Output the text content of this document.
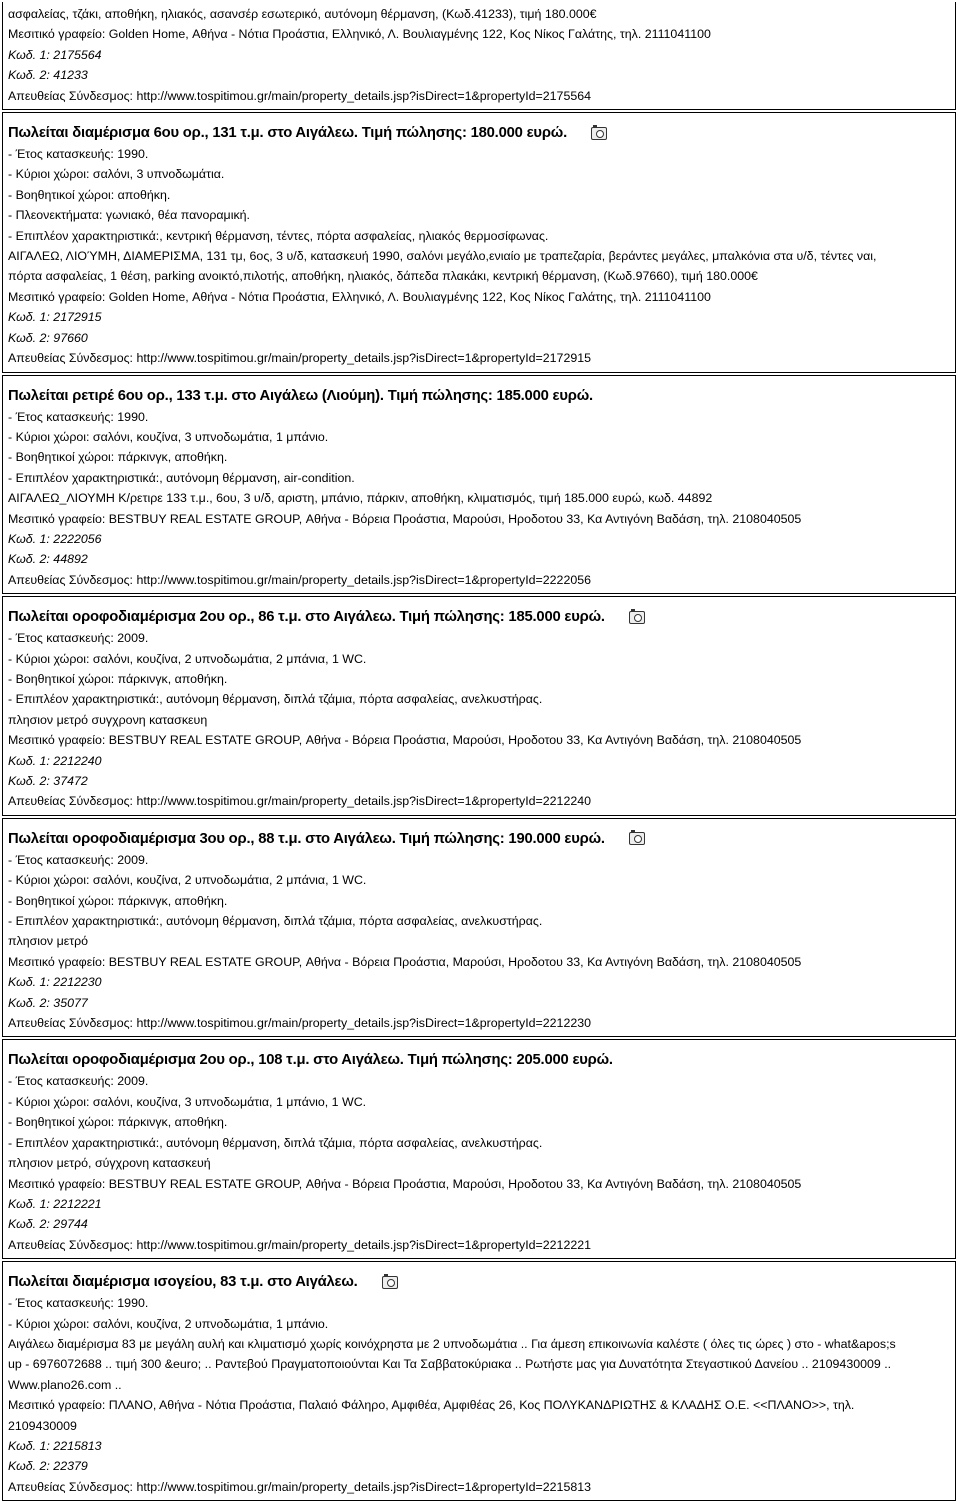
ασφαλείας, τζάκι, αποθήκη, ηλιακός, ασανσέρ εσωτερικό, αυτόνομη θέρμανση, (Κωδ.41233), τιμή 180.000€
Μεσιτικό γραφείο: Golden Home, Αθήνα - Νότια Προάστια, Ελληνικό, Λ. Βουλιαγμένης 122, Κος Νίκος Γαλάτης, τηλ. 2111041100
Κωδ. 1: 2175564
Κωδ. 2: 41233
Απευθείας Σύνδεσμος: http://www.tospitimou.gr/main/property_details.jsp?isDirect=1&propertyId=2175564
Πωλείται διαμέρισμα 6ου ορ., 131 τ.μ. στο Αιγάλεω. Τιμή πώλησης: 180.000 ευρώ.
- Έτος κατασκευής: 1990.
- Κύριοι χώροι: σαλόνι, 3 υπνοδωμάτια.
- Βοηθητικοί χώροι: αποθήκη.
- Πλεονεκτήματα: γωνιακό, θέα πανοραμική.
- Επιπλέον χαρακτηριστικά:, κεντρική θέρμανση, τέντες, πόρτα ασφαλείας, ηλιακός θερμοσίφωνας.
ΑΙΓΑΛΕΩ, ΛΙΟΎΜΗ, ΔΙΑΜΕΡΙΣΜΑ, 131 τμ, 6ος, 3 υ/δ, κατασκευή 1990, σαλόνι μεγάλο,ενιαίο με τραπεζαρία, βεράντες μεγάλες, μπαλκόνια στα υ/δ, τέντες ναι,
πόρτα ασφαλείας, 1 θέση, parking ανοικτό,πιλοτής, αποθήκη, ηλιακός, δάπεδα πλακάκι, κεντρική θέρμανση, (Κωδ.97660), τιμή 180.000€
Μεσιτικό γραφείο: Golden Home, Αθήνα - Νότια Προάστια, Ελληνικό, Λ. Βουλιαγμένης 122, Κος Νίκος Γαλάτης, τηλ. 2111041100
Κωδ. 1: 2172915
Κωδ. 2: 97660
Απευθείας Σύνδεσμος: http://www.tospitimou.gr/main/property_details.jsp?isDirect=1&propertyId=2172915
Πωλείται ρετιρέ 6ου ορ., 133 τ.μ. στο Αιγάλεω (Λιούμη). Τιμή πώλησης: 185.000 ευρώ.
- Έτος κατασκευής: 1990.
- Κύριοι χώροι: σαλόνι, κουζίνα, 3 υπνοδωμάτια, 1 μπάνιο.
- Βοηθητικοί χώροι: πάρκινγκ, αποθήκη.
- Επιπλέον χαρακτηριστικά:, αυτόνομη θέρμανση, air-condition.
ΑΙΓΑΛΕΩ_ΛΙΟΥΜΗ Κ/ρετιρε 133 τ.μ., 6ου, 3 υ/δ, αριστη, μπάνιο, πάρκιν, αποθήκη, κλιματισμός, τιμή 185.000 ευρώ, κωδ. 44892
Μεσιτικό γραφείο: BESTBUY REAL ESTATE GROUP, Αθήνα - Βόρεια Προάστια, Μαρούσι, Ηροδοτου 33, Κα Αντιγόνη Βαδάση, τηλ. 2108040505
Κωδ. 1: 2222056
Κωδ. 2: 44892
Απευθείας Σύνδεσμος: http://www.tospitimou.gr/main/property_details.jsp?isDirect=1&propertyId=2222056
Πωλείται οροφοδιαμέρισμα 2ου ορ., 86 τ.μ. στο Αιγάλεω. Τιμή πώλησης: 185.000 ευρώ.
- Έτος κατασκευής: 2009.
- Κύριοι χώροι: σαλόνι, κουζίνα, 2 υπνοδωμάτια, 2 μπάνια, 1 WC.
- Βοηθητικοί χώροι: πάρκινγκ, αποθήκη.
- Επιπλέον χαρακτηριστικά:, αυτόνομη θέρμανση, διπλά τζάμια, πόρτα ασφαλείας, ανελκυστήρας.
πλησιον μετρό συγχρονη κατασκευη
Μεσιτικό γραφείο: BESTBUY REAL ESTATE GROUP, Αθήνα - Βόρεια Προάστια, Μαρούσι, Ηροδοτου 33, Κα Αντιγόνη Βαδάση, τηλ. 2108040505
Κωδ. 1: 2212240
Κωδ. 2: 37472
Απευθείας Σύνδεσμος: http://www.tospitimou.gr/main/property_details.jsp?isDirect=1&propertyId=2212240
Πωλείται οροφοδιαμέρισμα 3ου ορ., 88 τ.μ. στο Αιγάλεω. Τιμή πώλησης: 190.000 ευρώ.
- Έτος κατασκευής: 2009.
- Κύριοι χώροι: σαλόνι, κουζίνα, 2 υπνοδωμάτια, 2 μπάνια, 1 WC.
- Βοηθητικοί χώροι: πάρκινγκ, αποθήκη.
- Επιπλέον χαρακτηριστικά:, αυτόνομη θέρμανση, διπλά τζάμια, πόρτα ασφαλείας, ανελκυστήρας.
πλησιον μετρό
Μεσιτικό γραφείο: BESTBUY REAL ESTATE GROUP, Αθήνα - Βόρεια Προάστια, Μαρούσι, Ηροδοτου 33, Κα Αντιγόνη Βαδάση, τηλ. 2108040505
Κωδ. 1: 2212230
Κωδ. 2: 35077
Απευθείας Σύνδεσμος: http://www.tospitimou.gr/main/property_details.jsp?isDirect=1&propertyId=2212230
Πωλείται οροφοδιαμέρισμα 2ου ορ., 108 τ.μ. στο Αιγάλεω. Τιμή πώλησης: 205.000 ευρώ.
- Έτος κατασκευής: 2009.
- Κύριοι χώροι: σαλόνι, κουζίνα, 3 υπνοδωμάτια, 1 μπάνιο, 1 WC.
- Βοηθητικοί χώροι: πάρκινγκ, αποθήκη.
- Επιπλέον χαρακτηριστικά:, αυτόνομη θέρμανση, διπλά τζάμια, πόρτα ασφαλείας, ανελκυστήρας.
πλησιον μετρό, σύγχρονη κατασκευή
Μεσιτικό γραφείο: BESTBUY REAL ESTATE GROUP, Αθήνα - Βόρεια Προάστια, Μαρούσι, Ηροδοτου 33, Κα Αντιγόνη Βαδάση, τηλ. 2108040505
Κωδ. 1: 2212221
Κωδ. 2: 29744
Απευθείας Σύνδεσμος: http://www.tospitimou.gr/main/property_details.jsp?isDirect=1&propertyId=2212221
Πωλείται διαμέρισμα ισογείου, 83 τ.μ. στο Αιγάλεω.
- Έτος κατασκευής: 1990.
- Κύριοι χώροι: σαλόνι, κουζίνα, 2 υπνοδωμάτια, 1 μπάνιο.
Αιγάλεω διαμέρισμα 83 με μεγάλη αυλή και κλιματισμό χωρίς κοινόχρηστα με 2 υπνοδωμάτια .. Για άμεση επικοινωνία καλέστε ( όλες τις ώρες ) στο - what&apos;s
up - 6976072688 .. τιμή 300 &euro; .. Ραντεβού Πραγματοποιούνται Και Τα Σαββατοκύριακα .. Ρωτήστε μας για Δυνατότητα Στεγαστικού Δανείου .. 2109430009 ..
Www.plano26.com ..
Μεσιτικό γραφείο: ΠΛΑΝΟ, Αθήνα - Νότια Προάστια, Παλαιό Φάληρο, Αμφιθέα, Αμφιθέας 26, Κος ΠΟΛΥΚΑΝΔΡΙΩΤΗΣ & ΚΛΑΔΗΣ Ο.Ε. <<ΠΛΑΝΟ>>, τηλ.
2109430009
Κωδ. 1: 2215813
Κωδ. 2: 22379
Απευθείας Σύνδεσμος: http://www.tospitimou.gr/main/property_details.jsp?isDirect=1&propertyId=2215813
